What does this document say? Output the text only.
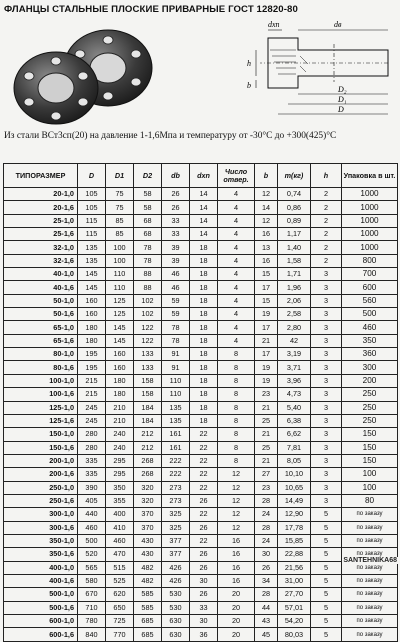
ФЛАНЦЫ СТАЛЬНЫЕ ПЛОСКИЕ ПРИВАРНЫЕ ГОСТ 12820-80
dхп	dв
D₂
D₁
D
h
b
Из стали ВСт3сп(20) на давление 1-1,6Мпа и температуру от -30°C до +300(425)°C
ТИПОРАЗМЕР	D	D1	D2	db	dxn	Число отвер.	b	m(кг)	h	Упаковка в шт.
20-1,0	105	75	58	26	14	4	12	0,74	2	1000
20-1,6	105	75	58	26	14	4	14	0,86	2	1000
25-1,0	115	85	68	33	14	4	12	0,89	2	1000
25-1,6	115	85	68	33	14	4	16	1,17	2	1000
32-1,0	135	100	78	39	18	4	13	1,40	2	1000
32-1,6	135	100	78	39	18	4	16	1,58	2	800
40-1,0	145	110	88	46	18	4	15	1,71	3	700
40-1,6	145	110	88	46	18	4	17	1,96	3	600
50-1,0	160	125	102	59	18	4	15	2,06	3	560
50-1,6	160	125	102	59	18	4	19	2,58	3	500
65-1,0	180	145	122	78	18	4	17	2,80	3	460
65-1,6	180	145	122	78	18	4	21	42	3	350
80-1,0	195	160	133	91	18	8	17	3,19	3	360
80-1,6	195	160	133	91	18	8	19	3,71	3	300
100-1,0	215	180	158	110	18	8	19	3,96	3	200
100-1,6	215	180	158	110	18	8	23	4,73	3	250
125-1,0	245	210	184	135	18	8	21	5,40	3	250
125-1,6	245	210	184	135	18	8	25	6,38	3	250
150-1,0	280	240	212	161	22	8	21	6,62	3	150
150-1,6	280	240	212	161	22	8	25	7,81	3	150
200-1,0	335	295	268	222	22	8	21	8,05	3	150
200-1,6	335	295	268	222	22	12	27	10,10	3	100
250-1,0	390	350	320	273	22	12	23	10,65	3	100
250-1,6	405	355	320	273	26	12	28	14,49	3	80
300-1,0	440	400	370	325	22	12	24	12,90	5	по заказу
300-1,6	460	410	370	325	26	12	28	17,78	5	по заказу
350-1,0	500	460	430	377	22	16	24	15,85	5	по заказу
350-1,6	520	470	430	377	26	16	30	22,88	5	по заказу
400-1,0	565	515	482	426	26	16	26	21,56	5	по заказу
400-1,6	580	525	482	426	30	16	34	31,00	5	по заказу
500-1,0	670	620	585	530	26	20	28	27,70	5	по заказу
500-1,6	710	650	585	530	33	20	44	57,01	5	по заказу
600-1,0	780	725	685	630	30	20	43	54,20	5	по заказу
600-1,6	840	770	685	630	36	20	45	80,03	5	по заказу
SANTEHNIKA68
